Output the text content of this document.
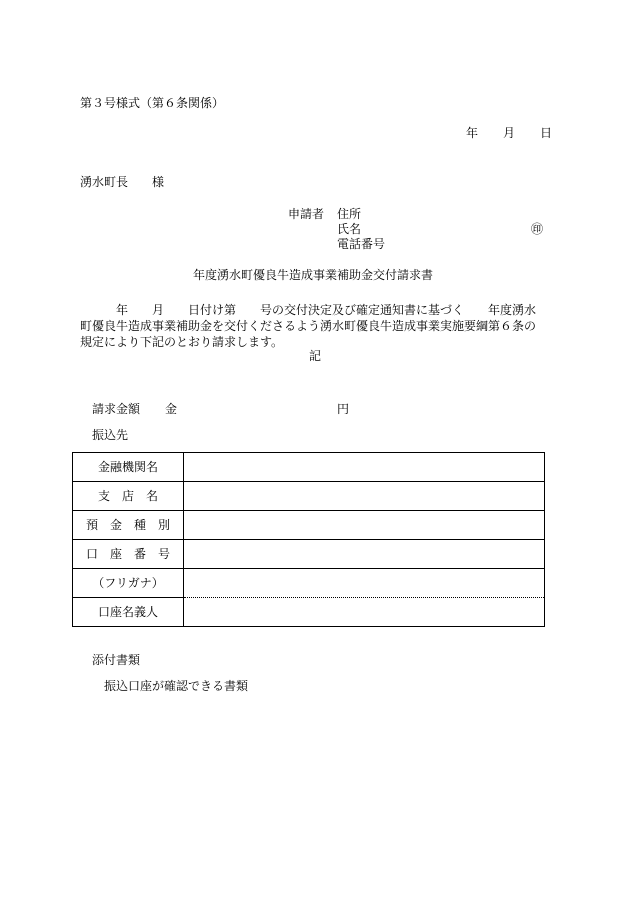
第３号様式（第６条関係）
年 月 日
湧水町長 様
申請者 住所
氏名	㊞
電話番号
年度湧水町優良牛造成事業補助金交付請求書
　　　年　　月　　日付け第　　号の交付決定及び確定通知書に基づく　　年度湧水
町優良牛造成事業補助金を交付くださるよう湧水町優良牛造成事業実施要綱第６条の
規定により下記のとおり請求します。
記
請求金額 金	円
振込先
金融機関名	
支　店　名	
預　金　種　別	
口　座　番　号	
（フリガナ）	
口座名義人	
添付書類
振込口座が確認できる書類
